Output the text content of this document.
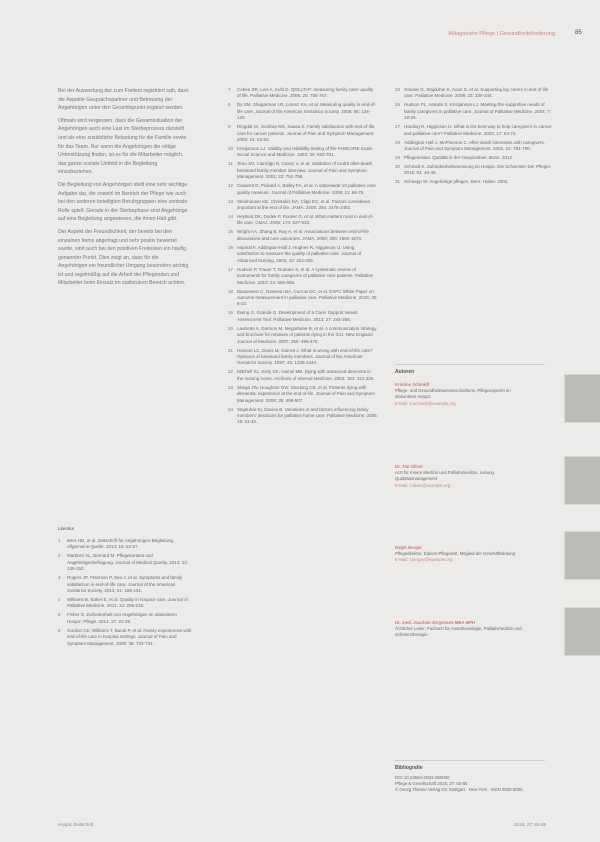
Alltagsnahe Pflege | Gesundheitsförderung	85

Bei der Auswertung der zum Freitext registriert sah, dass die Aspekte Gesprächspartner und Betreuung der Angehörigen unter den Gesichtspunkt ergänzt werden.

Oftmals wird vergessen, dass die Gesamtsituation der Angehörigen auch eine Last im Sterbeprozess darstellt und als eine zusätzliche Belastung für die Familie sowie für das Team. Nur wenn die Angehörigen die nötige Unterstützung finden, ist es für die Mitarbeiter möglich, das ganze soziale Umfeld in die Begleitung einzubeziehen.

Die Begleitung von Angehörigen stellt eine sehr wichtige Aufgabe dar, die sowohl im Bereich der Pflege wie auch bei den anderen beteiligten Berufsgruppen eine zentrale Rolle spielt. Gerade in der Sterbephase sind Angehörige auf eine Begleitung angewiesen, die ihnen Halt gibt.

Der Aspekt der Freundlichkeit, der bereits bei den einzelnen Items abgefragt und sehr positiv bewertet wurde, sind auch bei den positiven Freitexten ein häufig genannter Punkt. Dies zeigt an, dass für die Angehörigen ein freundlicher Umgang besonders wichtig ist und regelmäßig auf die Arbeit der Pflegenden und Mitarbeiter beim Einsatz im stationären Bereich achten.

Literatur
1	Bero HD, et al. Zeitschrift für Angehörigen-Begleitung. Allgemeine Quelle. 2014; 16: 52-57.
2	Martinez AL, Bernard M. Pflegekontext und Angehörigenbefragung. Journal of Medical Quality. 2013; 22: 139-152.
3	Rogers JP, Peterson P, Seo J, et al. Symptoms and family satisfaction in end-of-life care. Journal of the American Geriatrics Society. 2013; 61: 185-191.
4	Williams B, Baker E, et al. Quality in hospice care. Journal of Palliative Medicine. 2011; 14: 208-215.
5	Fisher S. Zufriedenheit von Angehörigen im stationären Hospiz. Pflege. 2014; 27: 21-28.
6	Gordon CE, Williams T, Bandi P, et al. Family experiences with end-of-life care in hospital settings. Journal of Pain and Symptom Management. 2009; 38: 722-731.
7	Cohen SR, Leis A, Kuhl D. QOLLTI-F: measuring family carer quality of life. Palliative Medicine. 2006; 20: 755-767.
8	Dy SM, Shugarman LR, Lorenz KA, et al. Measuring quality in end-of-life care. Journal of the American Geriatrics Society. 2008; 56: 124-129.
9	Ringdal GI, Jordhøy MS, Kaasa S. Family satisfaction with end-of-life care for cancer patients. Journal of Pain and Symptom Management. 2002; 24: 53-63.
10 Kristjanson LJ. Validity and reliability testing of the FAMCARE Scale. Social Science and Medicine. 1993; 36: 693-701.
11 Teno JM, Clarridge B, Casey V, et al. Validation of toolkit after-death bereaved family member interview. Journal of Pain and Symptom Management. 2001; 22: 752-758.
12 Casarett D, Pickard A, Bailey FA, et al. A nationwide VA palliative care quality measure. Journal of Palliative Medicine. 2008; 11: 68-75.
13 Steinhauser KE, Christakis NA, Clipp EC, et al. Factors considered important at the end of life. JAMA. 2000; 284: 2476-2482.
14 Heyland DK, Dodek P, Rocker G, et al. What matters most in end-of-life care. CMAJ. 2006; 174: 627-633.
15 Wright AA, Zhang B, Ray A, et al. Associations between end-of-life discussions and care outcomes. JAMA. 2008; 300: 1665-1673.
16 Aspinal F, Addington-Hall J, Hughes R, Higginson IJ. Using satisfaction to measure the quality of palliative care. Journal of Advanced Nursing. 2003; 42: 324-339.
17 Hudson P, Trauer T, Graham S, et al. A systematic review of instruments for family caregivers of palliative care patients. Palliative Medicine. 2010; 24: 656-668.
18 Bausewein C, Daveson BA, Currow DC, et al. EAPC White Paper on outcome measurement in palliative care. Palliative Medicine. 2016; 30: 6-22.
19 Ewing G, Grande G. Development of a Carer Support Needs Assessment Tool. Palliative Medicine. 2013; 27: 244-256.
20 Lautrette A, Darmon M, Megarbane B, et al. A communication strategy and brochure for relatives of patients dying in the ICU. New England Journal of Medicine. 2007; 356: 469-478.
21 Hanson LC, Danis M, Garrett J. What is wrong with end-of-life care? Opinions of bereaved family members. Journal of the American Geriatrics Society. 1997; 45: 1339-1344.
22 Mitchell SL, Kiely DK, Hamel MB. Dying with advanced dementia in the nursing home. Archives of Internal Medicine. 2004; 164: 321-326.
23 Shega JW, Hougham GW, Stocking CB, et al. Patients dying with dementia: experience at the end of life. Journal of Pain and Symptom Management. 2008; 35: 499-507.
24 Stajduhar KI, Davies B. Variations in and factors influencing family members' decisions for palliative home care. Palliative Medicine. 2005; 19: 21-32.
25 Grande G, Stajduhar K, Aoun S, et al. Supporting lay carers in end of life care. Palliative Medicine. 2009; 23: 339-344.
26 Hudson PL, Aranda S, Kristjanson LJ. Meeting the supportive needs of family caregivers in palliative care. Journal of Palliative Medicine. 2004; 7: 19-25.
27 Harding R, Higginson IJ. What is the best way to help caregivers in cancer and palliative care? Palliative Medicine. 2003; 17: 63-74.
28 Addington-Hall J, McPherson C. After-death interviews with caregivers. Journal of Pain and Symptom Management. 2001; 22: 784-790.
29 Pflegeinstitut. Qualität in der Hospizarbeit. Bonn. 2012.
30 Schmidt K. Zufriedenheitsmessung im Hospiz. Die Schwester Der Pfleger. 2015; 54: 40-45.
31 Schnepp W. Angehörige pflegen. Bern: Huber. 2002.
Autoren
Kristine Schmidt
Pflege- und Gesundheitswissenschaftlerin, Pflegeexpertin im stationären Hospiz
E-Mail: k.schmidt@example.org
Dr. Tim Oliver
Arzt für Innere Medizin und Palliativmedizin, Leitung Qualitätsmanagement
E-Mail: t.oliver@example.org
Ralph Berger
Pflegedirektor, Diplom-Pflegewirt, Mitglied der Geschäftsleitung
E-Mail: r.berger@example.org
Dr. med. Joachim Jörgensen MBA MPH
Ärztlicher Leiter, Facharzt für Anästhesiologie, Palliativmedizin und Schmerztherapie
Bibliografie
DOI 10.1055/s-0042-000000
Pflege & Gesellschaft 2016; 27: 82-85
© Georg Thieme Verlag KG Stuttgart · New York · ISSN 0000-0000
Hospiz Zeitschrift	2016; 27: 82-85
